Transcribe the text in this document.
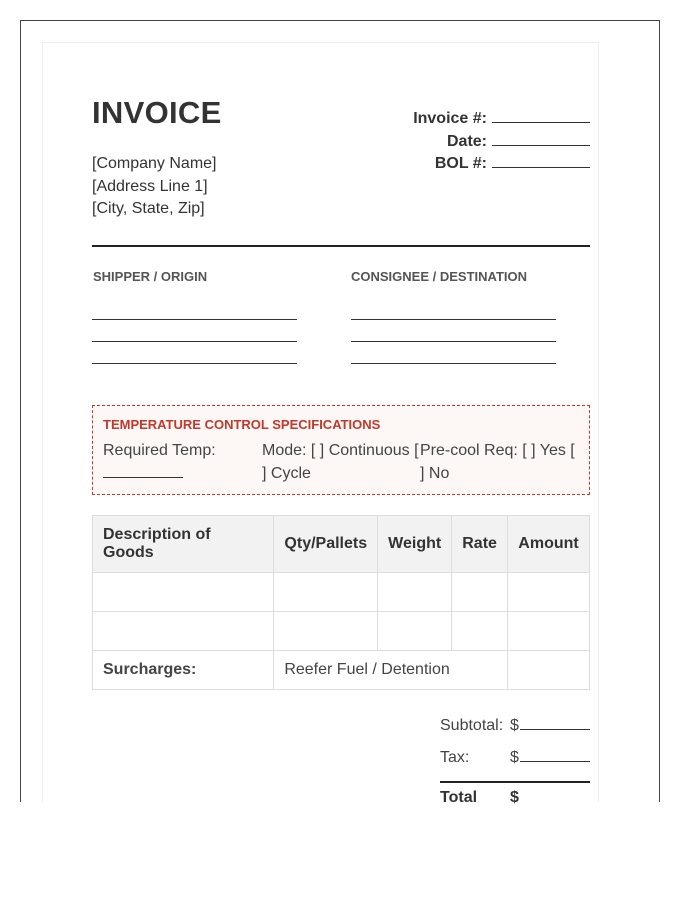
INVOICE
[Company Name]
[Address Line 1]
[City, State, Zip]
Invoice #:
Date:
BOL #:
SHIPPER / ORIGIN	CONSIGNEE / DESTINATION
TEMPERATURE CONTROL SPECIFICATIONS
Required Temp:	Mode: [ ] Continuous [
] Cycle
Pre-cool Req: [ ] Yes [
] No
Description of Goods	Qty/Pallets	Weight	Rate	Amount

Surcharges:	Reefer Fuel / Detention			
Subtotal: $
Tax:	$
Total	$
